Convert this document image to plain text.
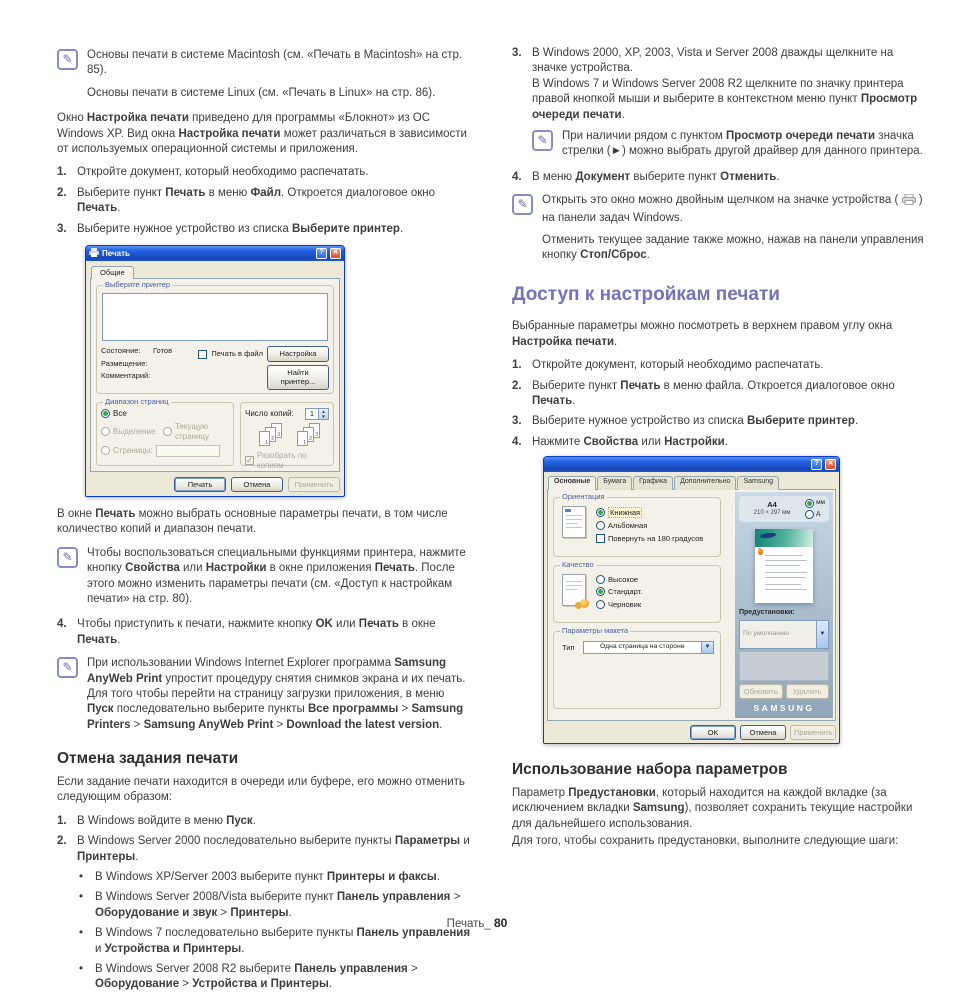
✎	Основы печати в системе Macintosh (см. «Печать в Macintosh» на стр. 85).

Основы печати в системе Linux (см. «Печать в Linux» на стр. 86).

Окно Настройка печати приведено для программы «Блокнот» из ОС Windows XP. Вид окна Настройка печати может различаться в зависимости от используемых операционной системы и приложения.

1. Откройте документ, который необходимо распечатать.
2. Выберите пункт Печать в меню Файл. Откроется диалоговое окно Печать.
3. Выберите нужное устройство из списка Выберите принтер.
Печать	?	✕
Общие
Выберите принтер
Состояние:	Готов
Размещение:
Комментарий:
Печать в файл	Настройка
Найти принтер...
Диапазон страниц
Все
Выделение
Текущую страницу
Страницы:
Число копий:	1	▲
▼
3
2
1
3
2
1
✓
Разобрать по копиям
Печать	Отмена	Применить

В окне Печать можно выбрать основные параметры печати, в том числе количество копий и диапазон печати.

✎	Чтобы воспользоваться специальными функциями принтера, нажмите кнопку Свойства или Настройки в окне приложения Печать. После этого можно изменить параметры печати (см. «Доступ к настройкам печати» на стр. 80).

4. Чтобы приступить к печати, нажмите кнопку OK или Печать в окне Печать.
✎	При использовании Windows Internet Explorer программа Samsung AnyWeb Print упростит процедуру снятия снимков экрана и их печать. Для того чтобы перейти на страницу загрузки приложения, в меню Пуск последовательно выберите пункты Все программы > Samsung Printers > Samsung AnyWeb Print > Download the latest version.

Отмена задания печати

Если задание печати находится в очереди или буфере, его можно отменить следующим образом:

1. В Windows войдите в меню Пуск.
2. В Windows Server 2000 последовательно выберите пункты Параметры и Принтеры.
•	В Windows XP/Server 2003 выберите пункт Принтеры и факсы.
•	В Windows Server 2008/Vista выберите пункт Панель управления > Оборудование и звук > Принтеры.
•	В Windows 7 последовательно выберите пункты Панель управления и Устройства и Принтеры.
•	В Windows Server 2008 R2 выберите Панель управления > Оборудование > Устройства и Принтеры.
3. В Windows 2000, XP, 2003, Vista и Server 2008 дважды щелкните на значке устройства.

В Windows 7 и Windows Server 2008 R2 щелкните по значку принтера правой кнопкой мыши и выберите в контекстном меню пункт Просмотр очереди печати.

✎	При наличии рядом с пунктом Просмотр очереди печати значка стрелки (►) можно выбрать другой драйвер для данного принтера.

4. В меню Документ выберите пункт Отменить.
✎	Открыть это окно можно двойным щелчком на значке устройства ( ) на панели задач Windows.

Отменить текущее задание также можно, нажав на панели управления кнопку Стоп/Сброс.

Доступ к настройкам печати

Выбранные параметры можно посмотреть в верхнем правом углу окна Настройка печати.

1. Откройте документ, который необходимо распечатать.
2. Выберите пункт Печать в меню файла. Откроется диалоговое окно Печать.
3. Выберите нужное устройство из списка Выберите принтер.
4. Нажмите Свойства или Настройки.
?	✕
Основные	Бумага	Графика	Дополнительно	Samsung
Ориентация
Книжная
Альбомная
Повернуть на 180 градусов
Качество
Высокое
Стандарт.
Черновик
Параметры макета
Тип	Одна страница на стороне	▼
A4
210 × 297 мм
мм
д.
Предустановки:
По умолчанию	▼
Обновить	Удалить
SAMSUNG
OK	Отмена	Применить
Использование набора параметров

Параметр Предустановки, который находится на каждой вкладке (за исключением вкладки Samsung), позволяет сохранить текущие настройки для дальнейшего использования.

Для того, чтобы сохранить предустановки, выполните следующие шаги:

Печать_ 80
